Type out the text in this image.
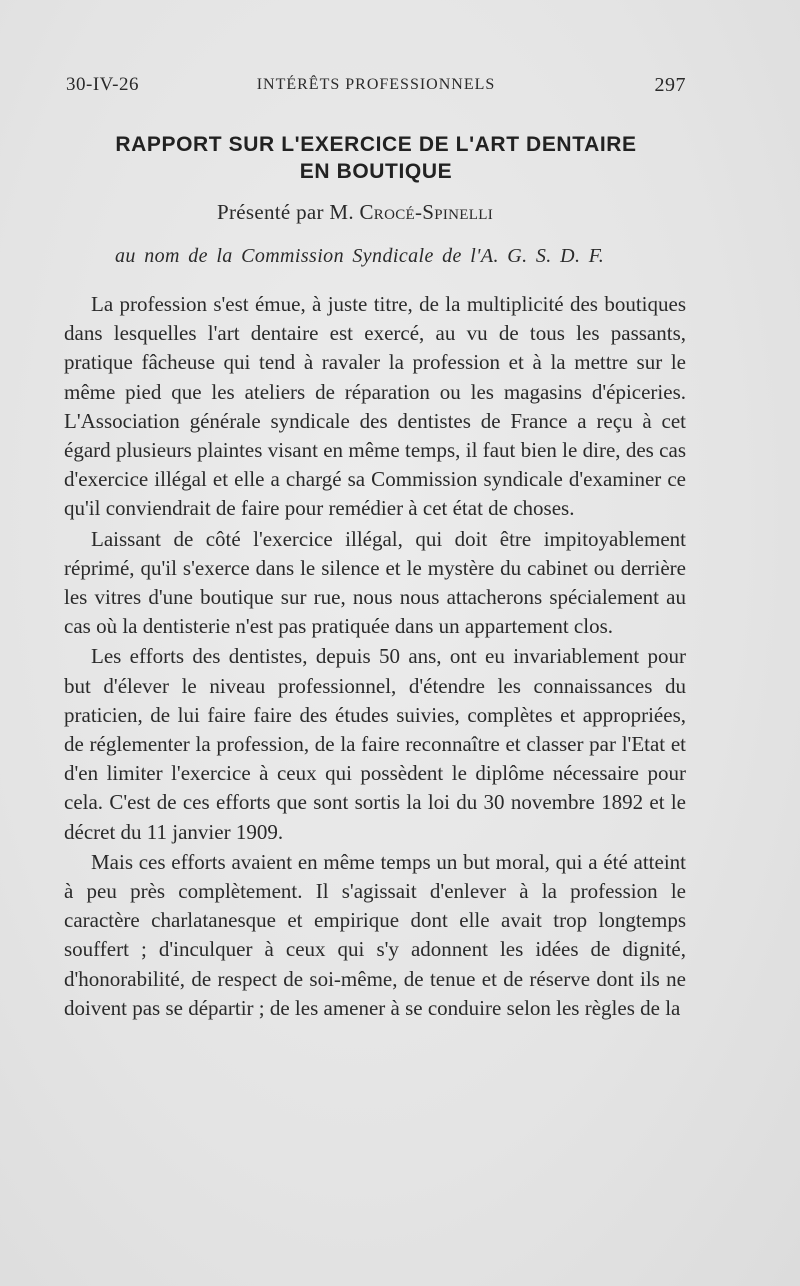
30-IV-26	INTÉRÊTS PROFESSIONNELS	297
RAPPORT SUR L'EXERCICE DE L'ART DENTAIRE
EN BOUTIQUE
Présenté par M. Crocé-Spinelli
au nom de la Commission Syndicale de l'A. G. S. D. F.

La profession s'est émue, à juste titre, de la multiplicité des boutiques dans lesquelles l'art dentaire est exercé, au vu de tous les passants, pratique fâcheuse qui tend à ravaler la profession et à la mettre sur le même pied que les ateliers de réparation ou les magasins d'épiceries. L'Association générale syndicale des dentistes de France a reçu à cet égard plusieurs plaintes visant en même temps, il faut bien le dire, des cas d'exercice illégal et elle a chargé sa Commission syndicale d'examiner ce qu'il conviendrait de faire pour remédier à cet état de choses.

Laissant de côté l'exercice illégal, qui doit être impitoyablement réprimé, qu'il s'exerce dans le silence et le mystère du cabinet ou derrière les vitres d'une boutique sur rue, nous nous attacherons spécialement au cas où la dentisterie n'est pas pratiquée dans un appartement clos.

Les efforts des dentistes, depuis 50 ans, ont eu invariablement pour but d'élever le niveau professionnel, d'étendre les connaissances du praticien, de lui faire faire des études suivies, complètes et appropriées, de réglementer la profession, de la faire reconnaître et classer par l'Etat et d'en limiter l'exercice à ceux qui possèdent le diplôme nécessaire pour cela. C'est de ces efforts que sont sortis la loi du 30 novembre 1892 et le décret du 11 janvier 1909.

Mais ces efforts avaient en même temps un but moral, qui a été atteint à peu près complètement. Il s'agissait d'enlever à la profession le caractère charlatanesque et empirique dont elle avait trop longtemps souffert ; d'inculquer à ceux qui s'y adonnent les idées de dignité, d'honorabilité, de respect de soi-même, de tenue et de réserve dont ils ne doivent pas se départir ; de les amener à se conduire selon les règles de la
